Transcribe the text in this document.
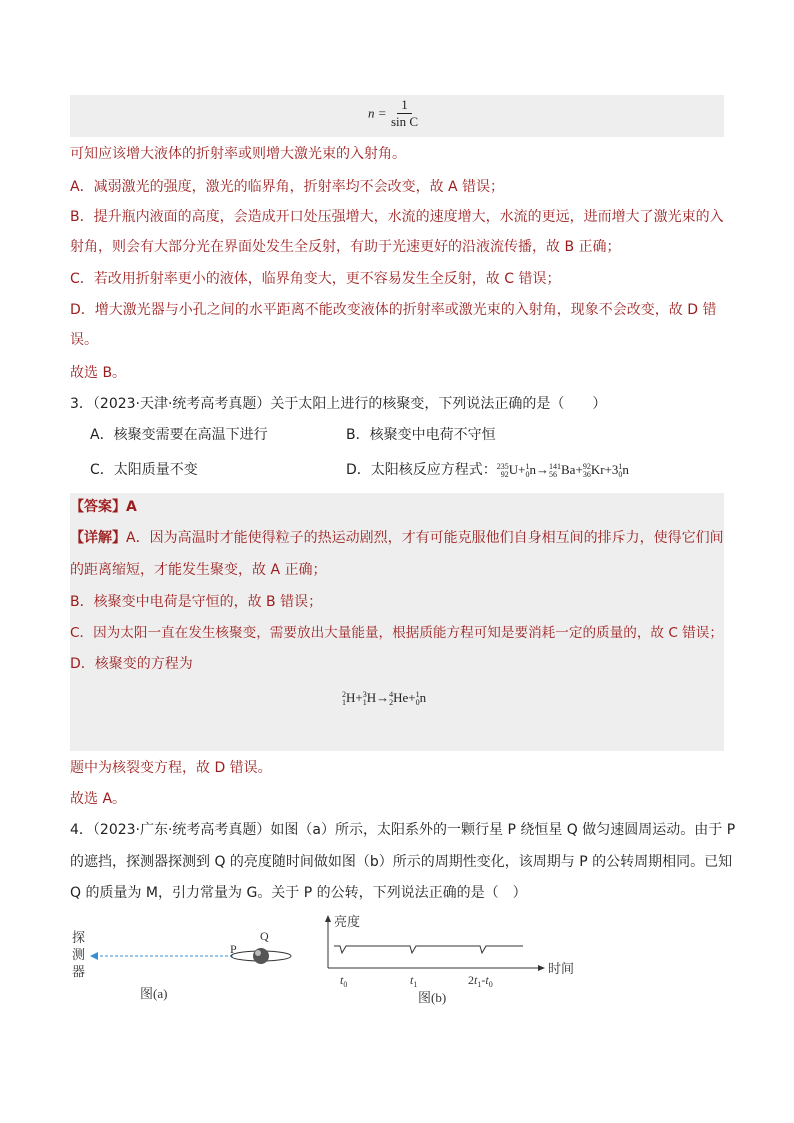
$n = \frac{1}{\text{sin C}}$
可知应该增大液体的折射率或则增大激光束的入射角。
A．减弱激光的强度，激光的临界角，折射率均不会改变，故 A 错误；
B．提升瓶内液面的高度，会造成开口处压强增大，水流的速度增大，水流的更远，进而增大了激光束的入
射角，则会有大部分光在界面处发生全反射，有助于光速更好的沿液流传播，故 B 正确；
C．若改用折射率更小的液体，临界角变大，更不容易发生全反射，故 C 错误；
D．增大激光器与小孔之间的水平距离不能改变液体的折射率或激光束的入射角，现象不会改变，故 D 错
误。
故选 B。
3．（2023·天津·统考高考真题）关于太阳上进行的核聚变，下列说法正确的是（　　）
A．核聚变需要在高温下进行	B．核聚变中电荷不守恒
C．太阳质量不变	D．太阳核反应方程式：235
92U+1
0n→141
56 Ba+92
36Kr+31
0n
【答案】A
【详解】A．因为高温时才能使得粒子的热运动剧烈，才有可能克服他们自身相互间的排斥力，使得它们间
的距离缩短，才能发生聚变，故 A 正确；
B．核聚变中电荷是守恒的，故 B 错误；
C．因为太阳一直在发生核聚变，需要放出大量能量，根据质能方程可知是要消耗一定的质量的，故 C 错误；
D．核聚变的方程为
2
1H+3
1H→4
2He+1
0n
题中为核裂变方程，故 D 错误。
故选 A。
4．（2023·广东·统考高考真题）如图（a）所示，太阳系外的一颗行星 P 绕恒星 Q 做匀速圆周运动。由于 P
的遮挡，探测器探测到 Q 的亮度随时间做如图（b）所示的周期性变化，该周期与 P 的公转周期相同。已知
Q 的质量为 M，引力常量为 G。关于 P 的公转，下列说法正确的是（　）
探
测
器
P
Q
图(a)
亮度
时间
$t_0$	$t_1$	$2t_1-t_0$
图(b)
